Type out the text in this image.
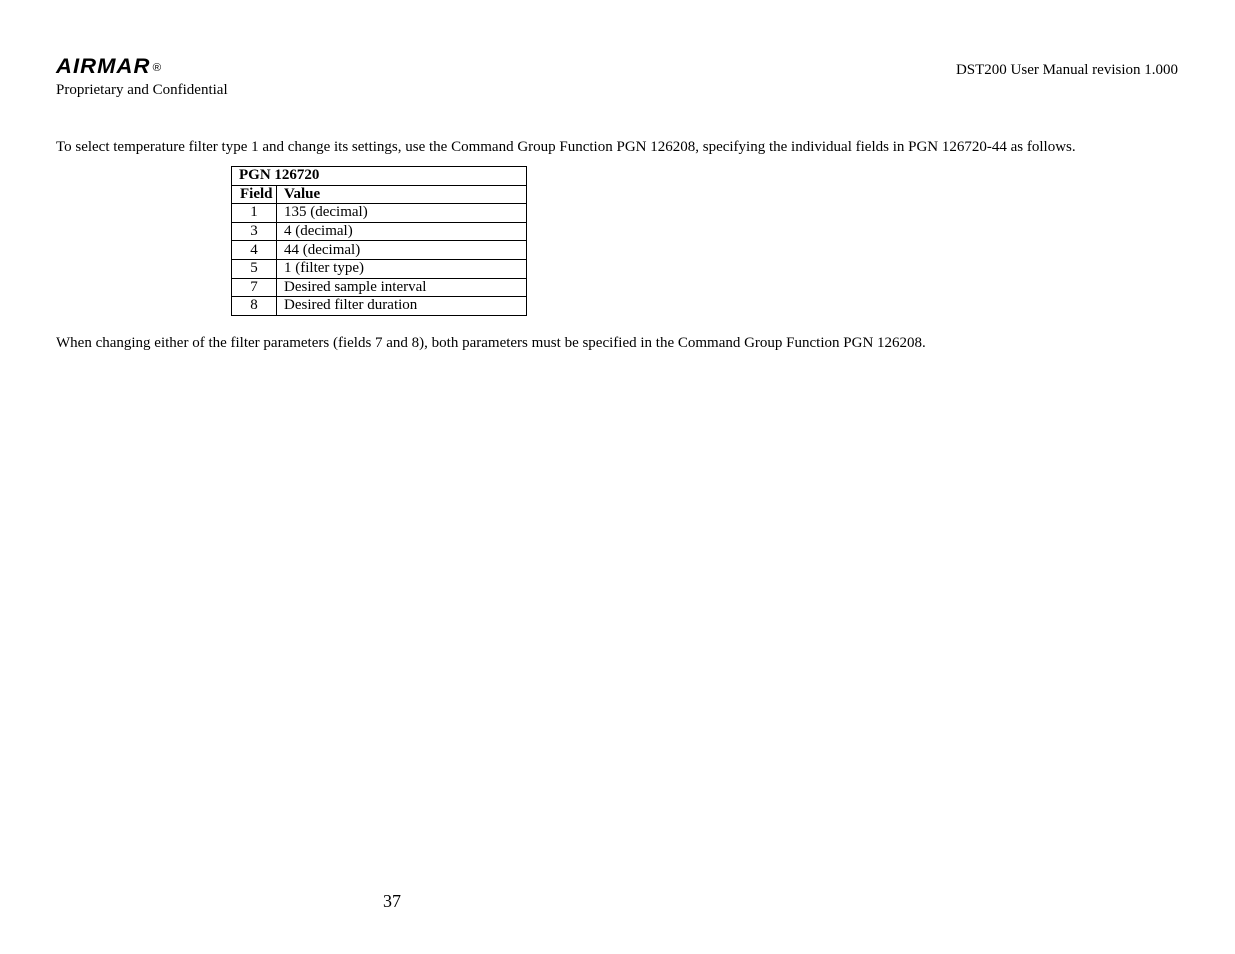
AIRMAR ®
Proprietary and Confidential
DST200 User Manual revision 1.000
To select temperature filter type 1 and change its settings, use the Command Group Function PGN 126208, specifying the individual fields in PGN 126720-44 as follows.
PGN 126720	
Field	Value
1	135 (decimal)
3	4 (decimal)
4	44 (decimal)
5	1 (filter type)
7	Desired sample interval
8	Desired filter duration
When changing either of the filter parameters (fields 7 and 8), both parameters must be specified in the Command Group Function PGN 126208.
37
